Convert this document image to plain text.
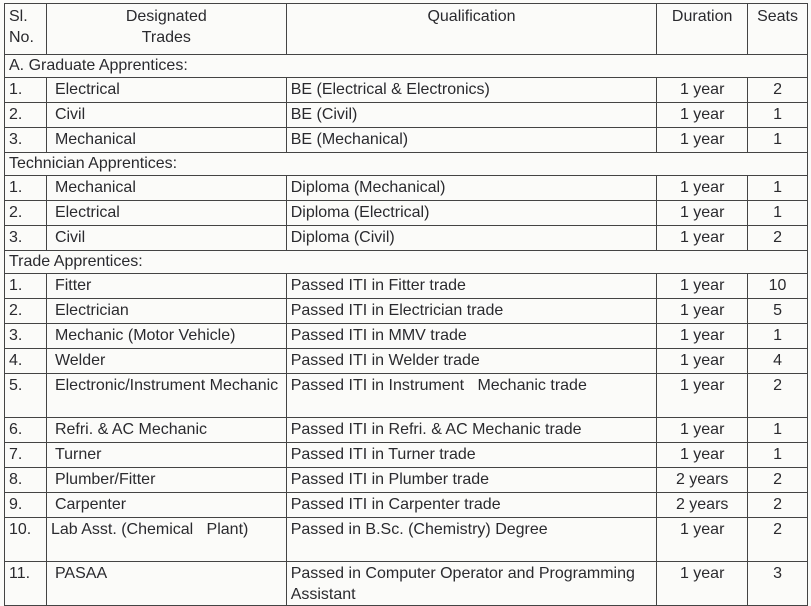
Sl. No.	Designated Trades	Qualification	Duration	Seats
A. Graduate Apprentices:				
1.	Electrical	BE (Electrical & Electronics)	1 year	2
2.	Civil	BE (Civil)	1 year	1
3.	Mechanical	BE (Mechanical)	1 year	1
Technician Apprentices:				
1.	Mechanical	Diploma (Mechanical)	1 year	1
2.	Electrical	Diploma (Electrical)	1 year	1
3.	Civil	Diploma (Civil)	1 year	2
Trade Apprentices:				
1.	Fitter	Passed ITI in Fitter trade	1 year	10
2.	Electrician	Passed ITI in Electrician trade	1 year	5
3.	Mechanic (Motor Vehicle)	Passed ITI in MMV trade	1 year	1
4.	Welder	Passed ITI in Welder trade	1 year	4
5.	Electronic/Instrument Mechanic	Passed ITI in Instrument   Mechanic trade	1 year	2
6.	Refri. & AC Mechanic	Passed ITI in Refri. & AC Mechanic trade	1 year	1
7.	Turner	Passed ITI in Turner trade	1 year	1
8.	Plumber/Fitter	Passed ITI in Plumber trade	2 years	2
9.	Carpenter	Passed ITI in Carpenter trade	2 years	2
10.	Lab Asst. (Chemical   Plant)	Passed in B.Sc. (Chemistry) Degree	1 year	2
11.	PASAA	Passed in Computer Operator and Programming Assistant	1 year	3
